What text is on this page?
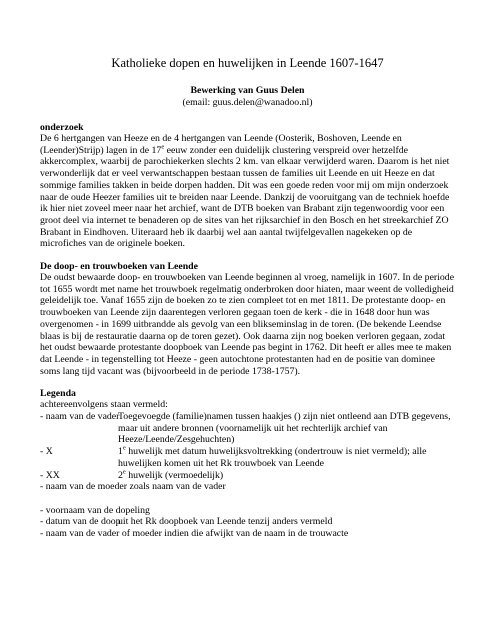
Katholieke dopen en huwelijken in Leende 1607-1647
Bewerking van Guus Delen
(email: guus.delen@wanadoo.nl)
onderzoek

De 6 hertgangen van Heeze en de 4 hertgangen van Leende (Oosterik, Boshoven, Leende en (Leender)Strijp) lagen in de 17e eeuw zonder een duidelijk clustering verspreid over hetzelfde akkercomplex, waarbij de parochiekerken slechts 2 km. van elkaar verwijderd waren. Daarom is het niet verwonderlijk dat er veel verwantschappen bestaan tussen de families uit Leende en uit Heeze en dat sommige families takken in beide dorpen hadden. Dit was een goede reden voor mij om mijn onderzoek naar de oude Heezer families uit te breiden naar Leende. Dankzij de vooruitgang van de techniek hoefde ik hier niet zoveel meer naar het archief, want de DTB boeken van Brabant zijn tegenwoordig voor een groot deel via internet te benaderen op de sites van het rijksarchief in den Bosch en het streekarchief ZO Brabant in Eindhoven. Uiteraard heb ik daarbij wel aan aantal twijfelgevallen nagekeken op de microfiches van de originele boeken.

De doop- en trouwboeken van Leende

De oudst bewaarde doop- en trouwboeken van Leende beginnen al vroeg, namelijk in 1607. In de periode tot 1655 wordt met name het trouwboek regelmatig onderbroken door hiaten, maar weent de volledigheid geleidelijk toe. Vanaf 1655 zijn de boeken zo te zien compleet tot en met 1811. De protestante doop- en trouwboeken van Leende zijn daarentegen verloren gegaan toen de kerk - die in 1648 door hun was overgenomen - in 1699 uitbrandde als gevolg van een blikseminslag in de toren. (De bekende Leendse blaas is bij de restauratie daarna op de toren gezet). Ook daarna zijn nog boeken verloren gegaan, zodat het oudst bewaarde protestante doopboek van Leende pas begint in 1762. Dit heeft er alles mee te maken dat Leende - in tegenstelling tot Heeze - geen autochtone protestanten had en de positie van dominee soms lang tijd vacant was (bijvoorbeeld in de periode 1738-1757).

Legenda
achtereenvolgens staan vermeld:
- naam van de vader
Toegevoegde (familie)namen tussen haakjes () zijn niet ontleend aan DTB gegevens, maar uit andere bronnen (voornamelijk uit het rechterlijk archief van Heeze/Leende/Zesgehuchten)
- X	1e huwelijk met datum huwelijksvoltrekking (ondertrouw is niet vermeld); alle huwelijken komen uit het Rk trouwboek van Leende
- XX	2e huwelijk (vermoedelijk)
- naam van de moeder zoals naam van de vader
- voornaam van de dopeling
- datum van de doop
uit het Rk doopboek van Leende tenzij anders vermeld
- naam van de vader of moeder indien die afwijkt van de naam in de trouwacte
